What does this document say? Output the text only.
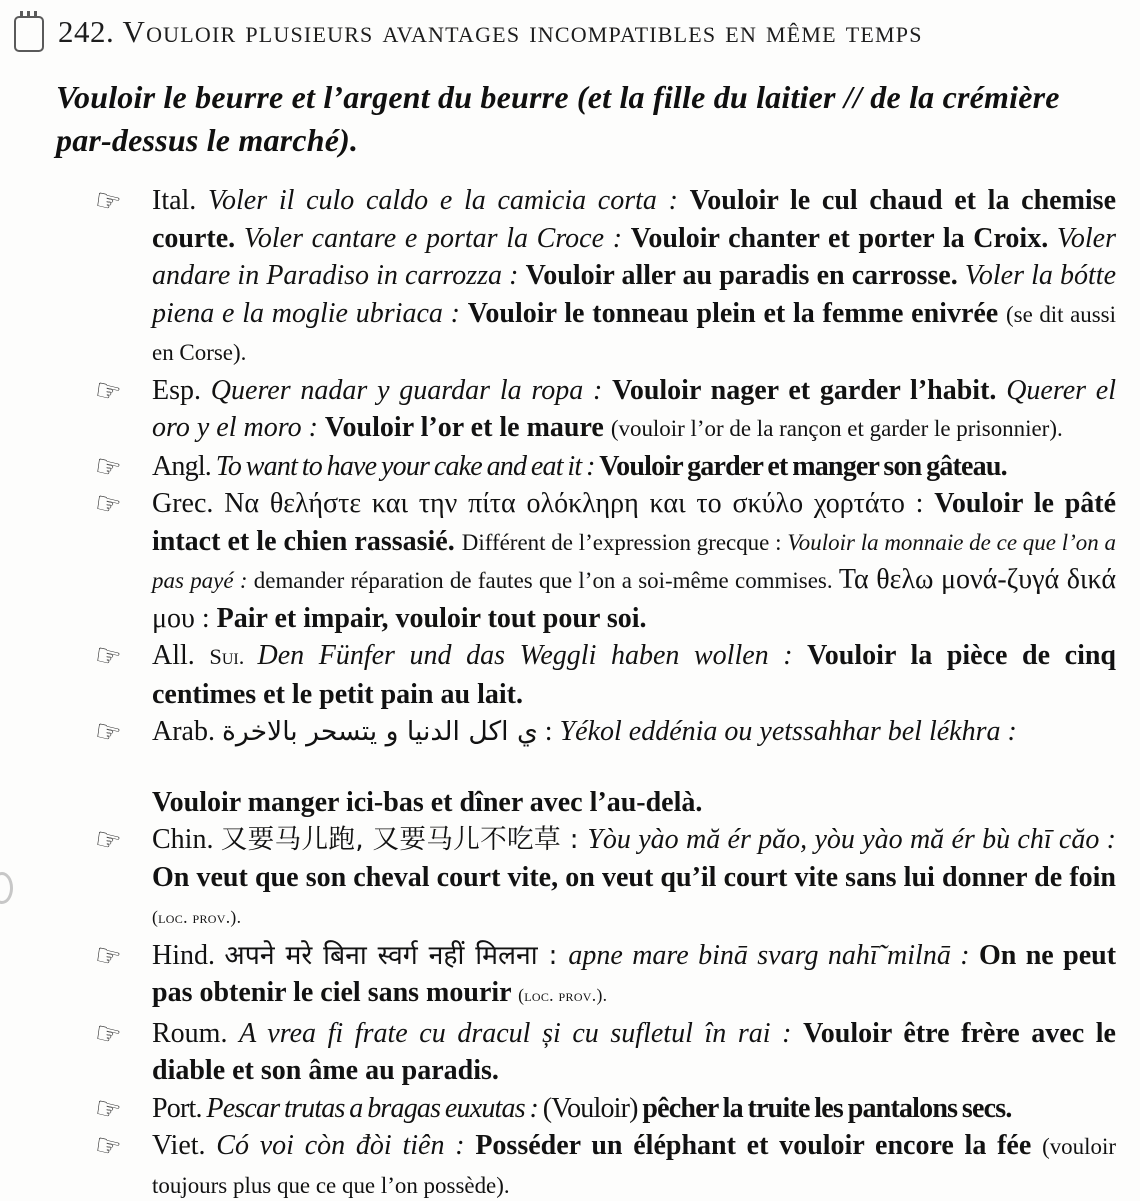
242. Vouloir plusieurs avantages incompatibles en même temps
Vouloir le beurre et l’argent du beurre (et la fille du laitier // de la crémière par-dessus le marché).
☞ Ital. Voler il culo caldo e la camicia corta : Vouloir le cul chaud et la chemise courte. Voler cantare e portar la Croce : Vouloir chanter et porter la Croix. Voler andare in Paradiso in carrozza : Vouloir aller au paradis en carrosse. Voler la bótte piena e la moglie ubriaca : Vouloir le tonneau plein et la femme enivrée (se dit aussi en Corse).

☞ Esp. Querer nadar y guardar la ropa : Vouloir nager et garder l’habit. Querer el oro y el moro : Vouloir l’or et le maure (vouloir l’or de la rançon et garder le prisonnier).

☞ Angl. To want to have your cake and eat it : Vouloir garder et manger son gâteau.

☞ Grec. Να θελήστε και την πίτα ολόκληρη και το σκύλο χορτάτο : Vouloir le pâté intact et le chien rassasié. Différent de l’expression grecque : Vouloir la monnaie de ce que l’on a pas payé : demander réparation de fautes que l’on a soi-même commises. Τα θελω μονά-ζυγά δικά μου : Pair et impair, vouloir tout pour soi.

☞ All. Sui. Den Fünfer und das Weggli haben wollen : Vouloir la pièce de cinq centimes et le petit pain au lait.

☞ Arab. ي اكل الدنيا و يتسحر بالاخرة : Yékol eddénia ou yetssahhar bel lékhra :

Vouloir manger ici-bas et dîner avec l’au-delà.

☞ Chin. 又要马儿跑, 又要马儿不吃草 : Yòu yào mă ér păo, yòu yào mă ér bù chī căo : On veut que son cheval court vite, on veut qu’il court vite sans lui donner de foin (loc. prov.).

☞ Hind. अपने मरे बिना स्वर्ग नहीं मिलना : apne mare binā svarg nahī̃ milnā : On ne peut pas obtenir le ciel sans mourir (loc. prov.).

☞ Roum. A vrea fi frate cu dracul și cu sufletul în rai : Vouloir être frère avec le diable et son âme au paradis.

☞ Port. Pescar trutas a bragas euxutas : (Vouloir) pêcher la truite les pantalons secs.

☞ Viet. Có voi còn đòi tiên : Posséder un éléphant et vouloir encore la fée (vouloir toujours plus que ce que l’on possède).
